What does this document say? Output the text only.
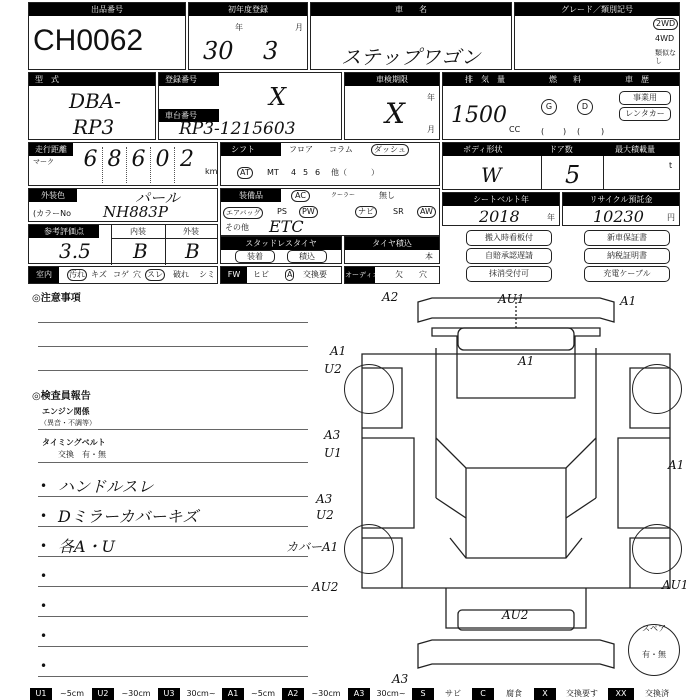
出品番号
CH0062
初年度登録
年	月
30 3
車　　名
ステップワゴン
グレード／類別記号
2WD
4WD
類似なし
型　式
DBA-
RP3
登録番号
X
車台番号
RP3-1215603
車検期限
X	年
月
排　気　量	燃　　料	車　歴
1500
CC
G	D
( ) (	)
事業用
レンタカー
走行距離
マーク 6 8 6 0 2	km
シフト	フロア コラム	ダッシュ
AT	MT 4 5 6 他（	）
ボディ形状	ドア数	最大積載量
W	5	t
外装色	パール
(カラーNo NH883P
装備品	AC	クーラー	無し
エアバッグ	PS	PW	ナビ	SR	AW
その他 ETC
シートベルト年
2018	年
リサイクル預託金
10230	円
参考評価点	内装	外装
3.5 B B	スタッドレスタイヤ
装着	積込
タイヤ積込
本
搬入時看板付	新車保証書
自賠承認遅請	納税証明書
抹消受付可	充電ケーブル
室内	汚れ キズ コゲ 穴 スレ 破れ シミ	FW	ヒビ A 交換要	オーディオ 欠 穴
◎注意事項
◎検査員報告
エンジン関係
（異音・不調等）
タイミングベルト
交換　有・無
• ハンドルスレ
• Dミラーカバーキズ
• 各A・U
•
•
•
•
A2	AU1	A1
A1
U2
A1
A1
A3
U1
A3
U2
カバーA1
AU2	AU1
AU2
A3
スペア
有・無
U1	~5cm	U2	~30cm	U3	30cm~	A1	~5cm	A2	~30cm	A3	30cm~	S	サビ	C	腐食	X	交換要す	XX	交換済
